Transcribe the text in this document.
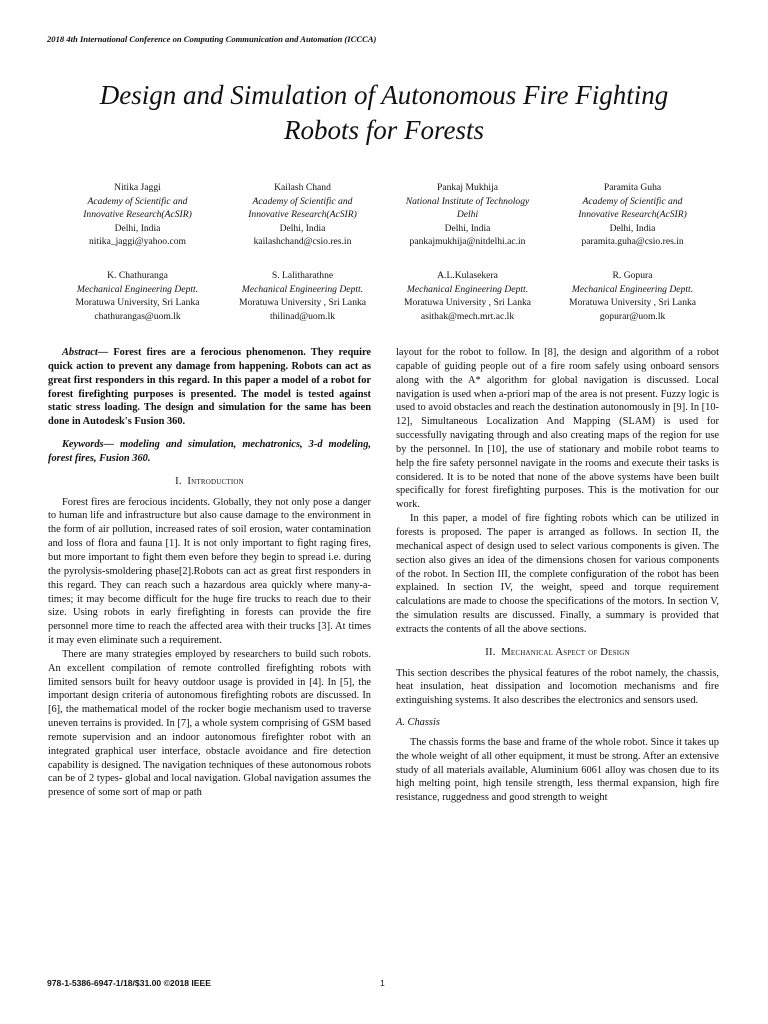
2018 4th International Conference on Computing Communication and Automation (ICCCA)
Design and Simulation of Autonomous Fire Fighting
Robots for Forests
Nitika Jaggi
Academy of Scientific and
Innovative Research(AcSIR)
Delhi, India
nitika_jaggi@yahoo.com
Kailash Chand
Academy of Scientific and
Innovative Research(AcSIR)
Delhi, India
kailashchand@csio.res.in
Pankaj Mukhija
National Institute of Technology
Delhi
Delhi, India
pankajmukhija@nitdelhi.ac.in
Paramita Guha
Academy of Scientific and
Innovative Research(AcSIR)
Delhi, India
paramita.guha@csio.res.in
K. Chathuranga
Mechanical Engineering Deptt.
Moratuwa University, Sri Lanka
chathurangas@uom.lk
S. Lalitharathne
Mechanical Engineering Deptt.
Moratuwa University , Sri Lanka
thilinad@uom.lk
A.L.Kulasekera
Mechanical Engineering Deptt.
Moratuwa University , Sri Lanka
asithak@mech.mrt.ac.lk
R. Gopura
Mechanical Engineering Deptt.
Moratuwa University , Sri Lanka
gopurar@uom.lk

Abstract— Forest fires are a ferocious phenomenon. They require quick action to prevent any damage from happening. Robots can act as great first responders in this regard. In this paper a model of a robot for forest firefighting purposes is presented. The model is tested against static stress loading. The design and simulation for the same has been done in Autodesk's Fusion 360.

Keywords— modeling and simulation, mechatronics, 3-d modeling, forest fires, Fusion 360.

I. Introduction

Forest fires are ferocious incidents. Globally, they not only pose a danger to human life and infrastructure but also cause damage to the environment in the form of air pollution, increased rates of soil erosion, water contamination and loss of flora and fauna [1]. It is not only important to fight raging fires, but more important to fight them even before they begin to spread i.e. during the pyrolysis-smoldering phase[2].Robots can act as great first responders in this regard. They can reach such a hazardous area quickly where many-a-times; it may become difficult for the huge fire trucks to reach due to their size. Using robots in early firefighting in forests can provide the fire personnel more time to reach the affected area with their trucks [3]. At times it may even eliminate such a requirement.

There are many strategies employed by researchers to build such robots. An excellent compilation of remote controlled firefighting robots with limited sensors built for heavy outdoor usage is provided in [4]. In [5], the important design criteria of autonomous firefighting robots are discussed. In [6], the mathematical model of the rocker bogie mechanism used to traverse uneven terrains is provided. In [7], a whole system comprising of GSM based remote supervision and an indoor autonomous firefighter robot with an integrated graphical user interface, obstacle avoidance and fire detection capability is designed. The navigation techniques of these autonomous robots can be of 2 types- global and local navigation. Global navigation assumes the presence of some sort of map or path

layout for the robot to follow. In [8], the design and algorithm of a robot capable of guiding people out of a fire room safely using onboard sensors along with the A* algorithm for global navigation is discussed. Local navigation is used when a-priori map of the area is not present. Fuzzy logic is used to avoid obstacles and reach the destination autonomously in [9]. In [10-12], Simultaneous Localization And Mapping (SLAM) is used for successfully navigating through and also creating maps of the region for use by the personnel. In [10], the use of stationary and mobile robot teams to help the fire safety personnel navigate in the rooms and execute their tasks is considered. It is to be noted that none of the above systems have been built specifically for forest firefighting purposes. This is the motivation for our work.

In this paper, a model of fire fighting robots which can be utilized in forests is proposed. The paper is arranged as follows. In section II, the mechanical aspect of design used to select various components is given. The section also gives an idea of the dimensions chosen for various components of the robot. In Section III, the complete configuration of the robot has been explained. In section IV, the weight, speed and torque requirement calculations are made to choose the specifications of the motors. In section V, the simulation results are discussed. Finally, a summary is provided that extracts the contents of all the above sections.

II. Mechanical Aspect of Design

This section describes the physical features of the robot namely, the chassis, heat insulation, heat dissipation and locomotion mechanisms and fire extinguishing systems. It also describes the electronics and sensors used.

A. Chassis

The chassis forms the base and frame of the whole robot. Since it takes up the whole weight of all other equipment, it must be strong. After an extensive study of all materials available, Aluminium 6061 alloy was chosen due to its high melting point, high tensile strength, less thermal expansion, high fire resistance, ruggedness and good strength to weight

978-1-5386-6947-1/18/$31.00 ©2018 IEEE	1
